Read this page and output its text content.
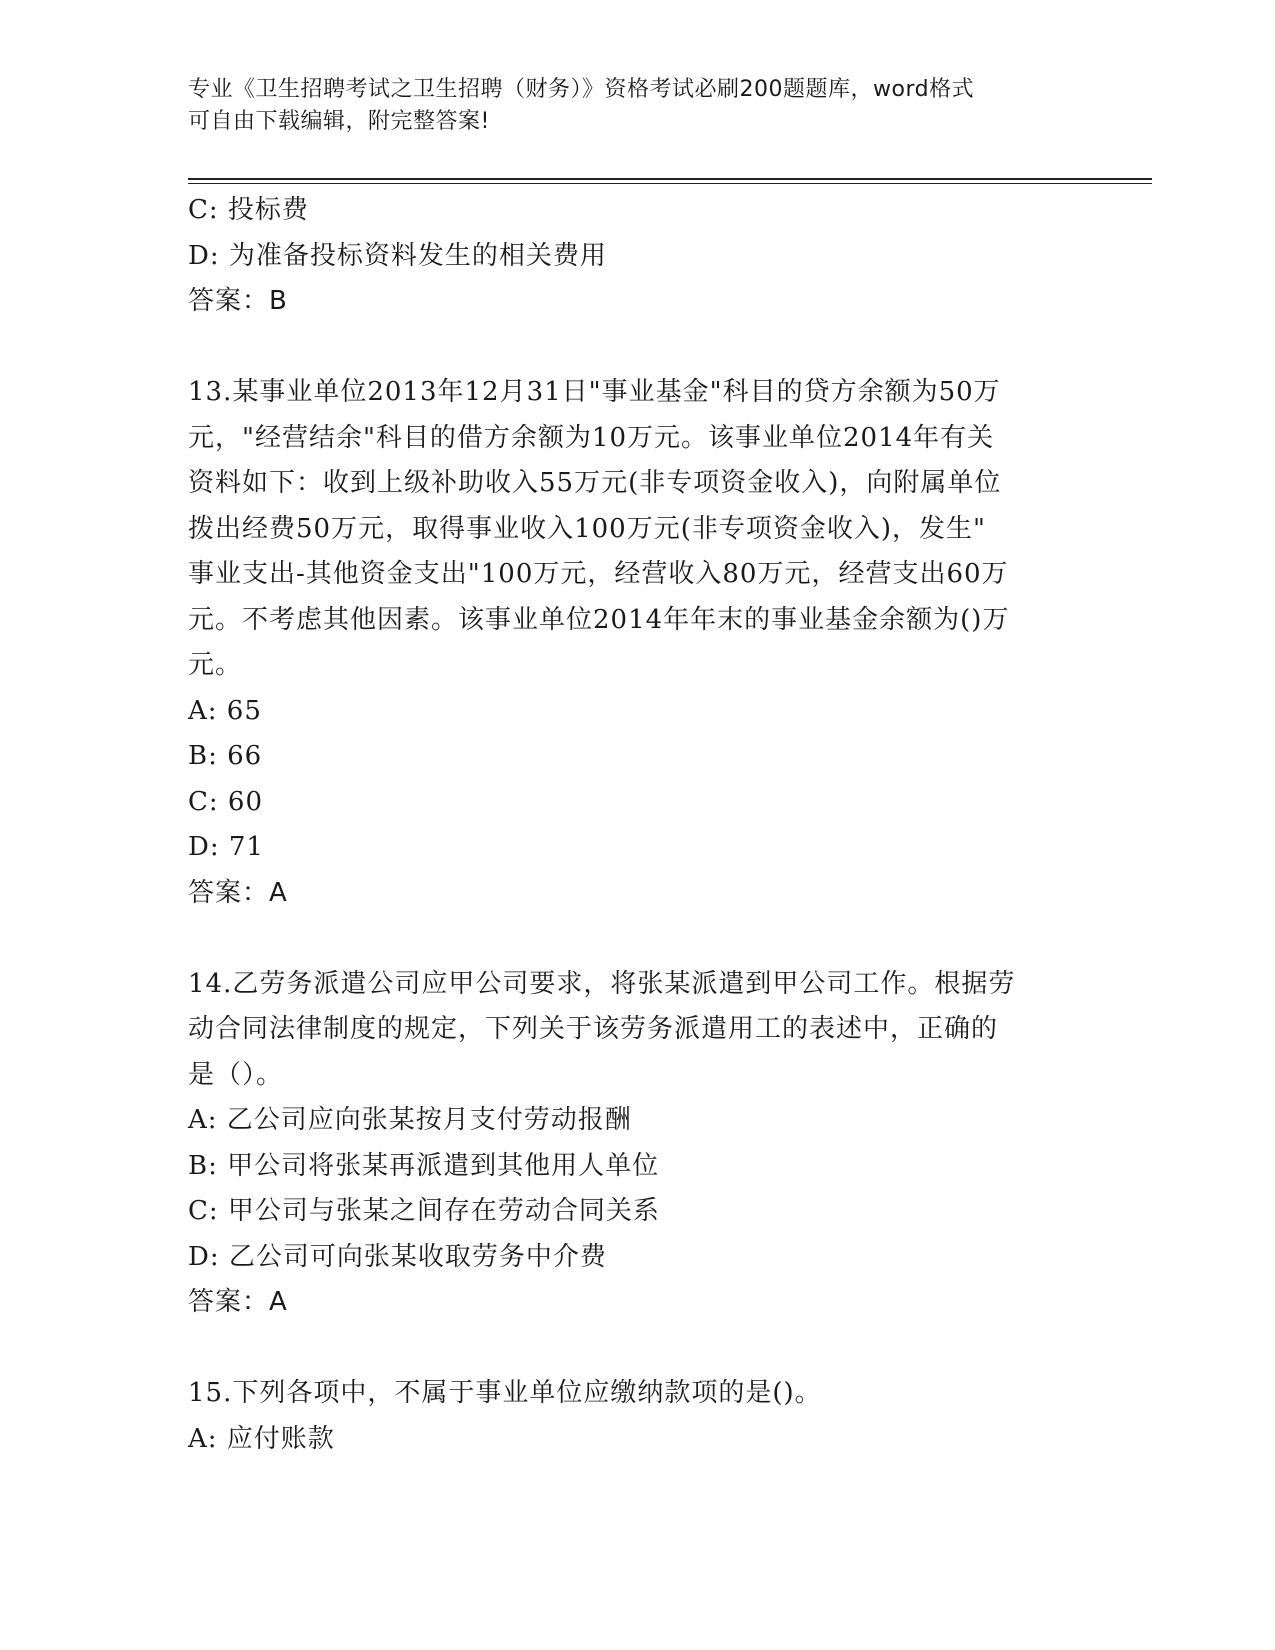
专业《卫生招聘考试之卫生招聘（财务）》资格考试必刷200题题库，word格式
可自由下载编辑，附完整答案!
C: 投标费
D: 为准备投标资料发生的相关费用
答案：B
13.某事业单位2013年12月31日"事业基金"科目的贷方余额为50万
元，"经营结余"科目的借方余额为10万元。该事业单位2014年有关
资料如下：收到上级补助收入55万元(非专项资金收入)，向附属单位
拨出经费50万元，取得事业收入100万元(非专项资金收入)，发生"
事业支出-其他资金支出"100万元，经营收入80万元，经营支出60万
元。不考虑其他因素。该事业单位2014年年末的事业基金余额为()万
元。
A: 65
B: 66
C: 60
D: 71
答案：A
14.乙劳务派遣公司应甲公司要求，将张某派遣到甲公司工作。根据劳
动合同法律制度的规定，下列关于该劳务派遣用工的表述中，正确的
是（）。
A: 乙公司应向张某按月支付劳动报酬
B: 甲公司将张某再派遣到其他用人单位
C: 甲公司与张某之间存在劳动合同关系
D: 乙公司可向张某收取劳务中介费
答案：A
15.下列各项中，不属于事业单位应缴纳款项的是()。
A: 应付账款
